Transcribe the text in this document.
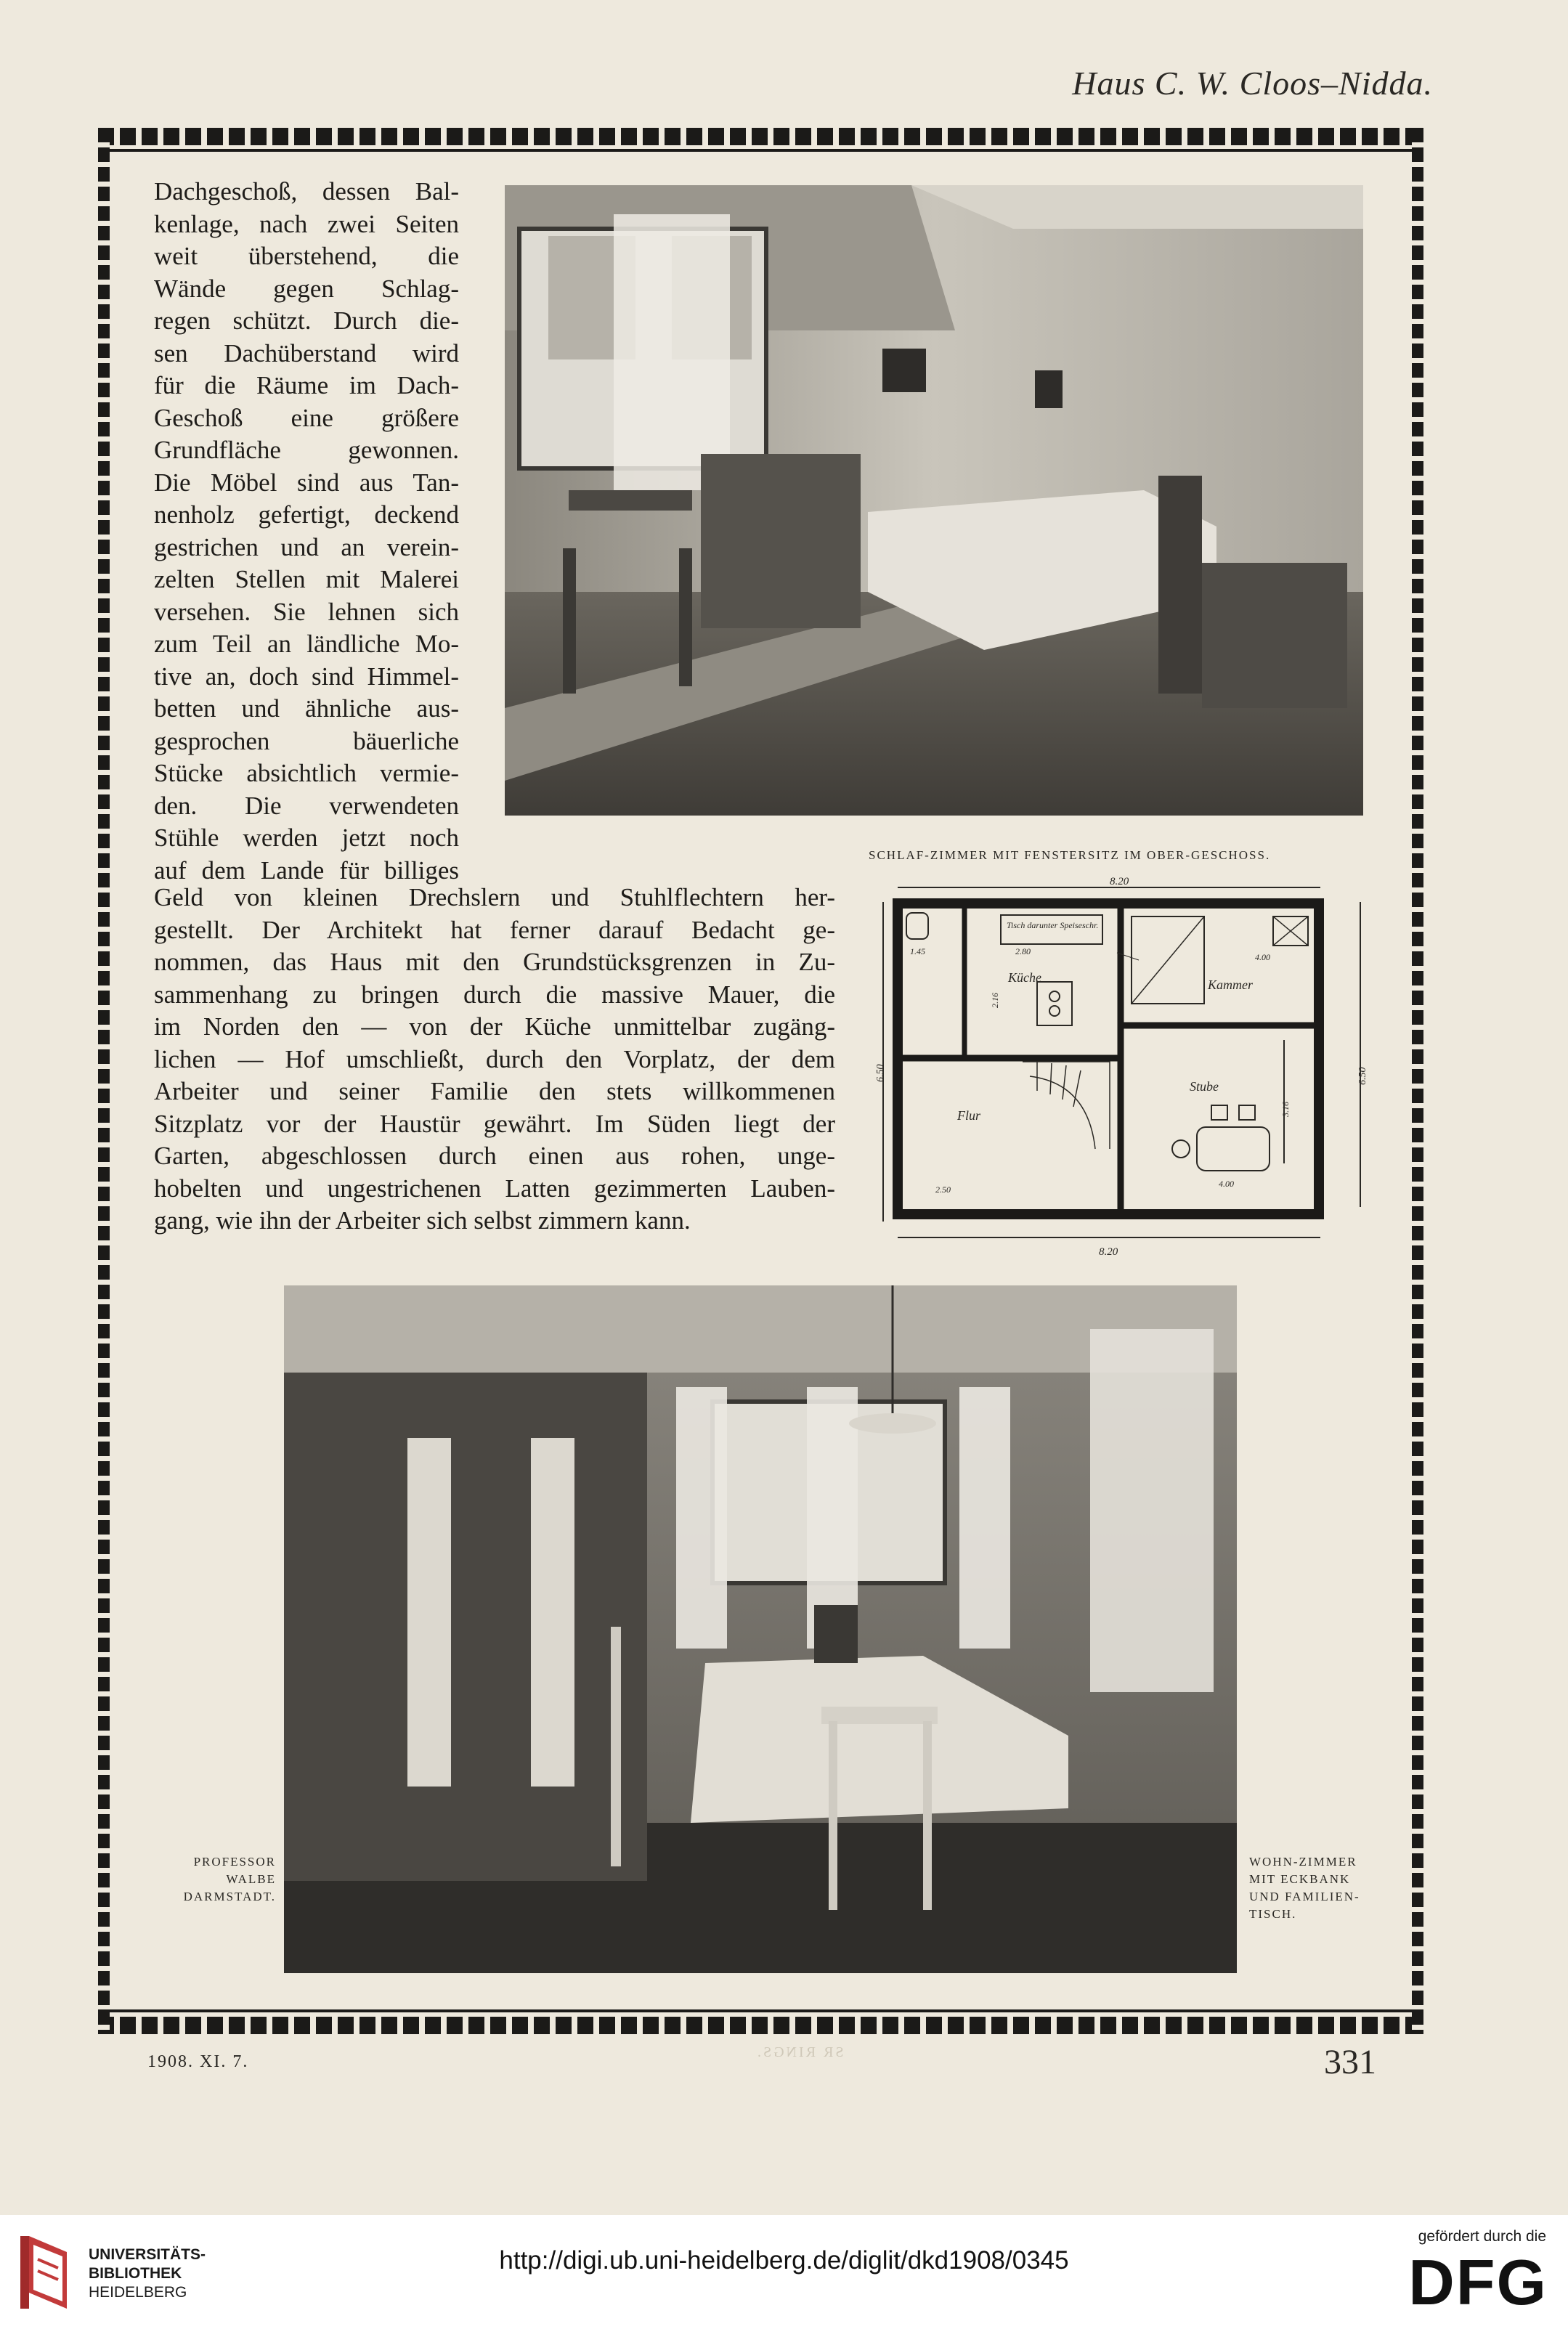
Haus C. W. Cloos–Nidda.
Dachgeschoß, dessen Bal-
kenlage, nach zwei Seiten
weit überstehend, die
Wände gegen Schlag-
regen schützt. Durch die-
sen Dachüberstand wird
für die Räume im Dach-
Geschoß eine größere
Grundfläche gewonnen.
Die Möbel sind aus Tan-
nenholz gefertigt, deckend
gestrichen und an verein-
zelten Stellen mit Malerei
versehen. Sie lehnen sich
zum Teil an ländliche Mo-
tive an, doch sind Himmel-
betten und ähnliche aus-
gesprochen bäuerliche
Stücke absichtlich vermie-
den. Die verwendeten
Stühle werden jetzt noch
auf dem Lande für billiges
Geld von kleinen Drechslern und Stuhlflechtern her-
gestellt. Der Architekt hat ferner darauf Bedacht ge-
nommen, das Haus mit den Grundstücksgrenzen in Zu-
sammenhang zu bringen durch die massive Mauer, die
im Norden den — von der Küche unmittelbar zugäng-
lichen — Hof umschließt, durch den Vorplatz, der dem
Arbeiter und seiner Familie den stets willkommenen
Sitzplatz vor der Haustür gewährt. Im Süden liegt der
Garten, abgeschlossen durch einen aus rohen, unge-
hobelten und ungestrichenen Latten gezimmerten Lauben-
gang, wie ihn der Arbeiter sich selbst zimmern kann.
SCHLAF-ZIMMER MIT FENSTERSITZ IM OBER-GESCHOSS.
8.20
8.20
6.50	6.50
Tisch darunter Speiseschr.
Küche	Kammer
Flur
Stube
2.80
4.00
3.16
2.16
4.00
2.50
1.45
WOHN-ZIMMER
MIT ECKBANK
UND FAMILIEN-
TISCH.
PROFESSOR
WALBE
DARMSTADT.
1908. XI. 7.	SR RINGS.	331
UNIVERSITÄTS-
BIBLIOTHEK
HEIDELBERG
http://digi.ub.uni-heidelberg.de/diglit/dkd1908/0345
gefördert durch die
DFG
